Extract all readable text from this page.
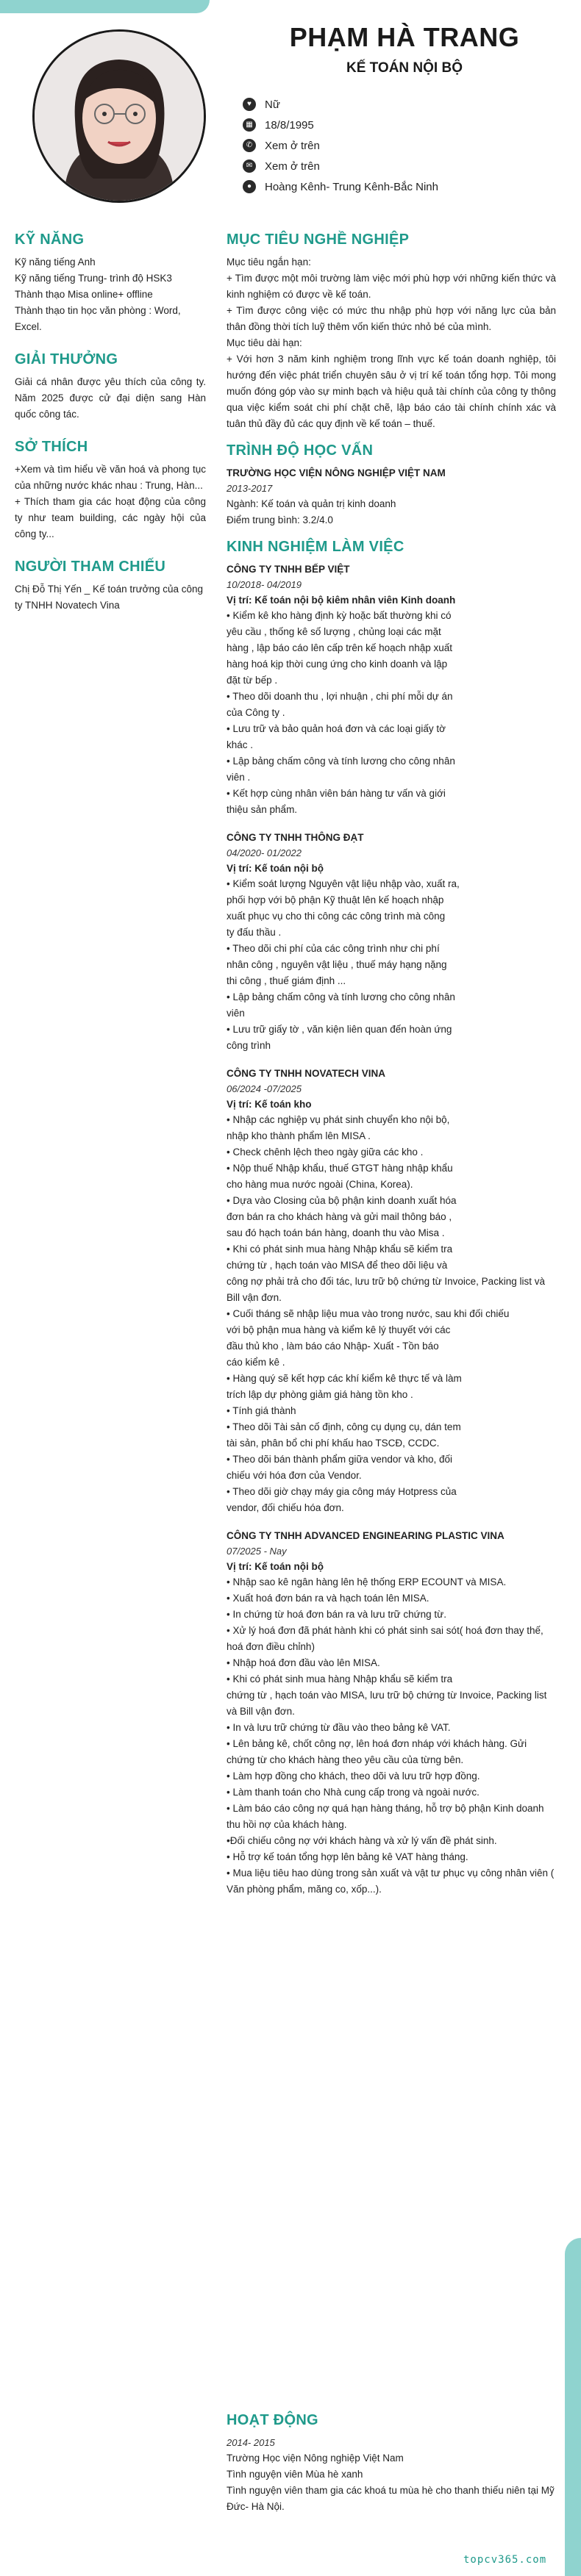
PHẠM HÀ TRANG
KẾ TOÁN NỘI BỘ
♥	Nữ
▦ 18/8/1995
✆	Xem ở trên
✉	Xem ở trên
●	Hoàng Kênh- Trung Kênh-Bắc Ninh
KỸ NĂNG
Kỹ năng tiếng Anh
Kỹ năng tiếng Trung- trình độ HSK3
Thành thạo Misa online+ offline
Thành thạo tin học văn phòng : Word, Excel.
GIẢI THƯỞNG
Giải cá nhân được yêu thích của công ty. Năm 2025 được cử đại diện sang Hàn quốc công tác.
SỞ THÍCH
+Xem và tìm hiểu về văn hoá và phong tục của những nước khác nhau : Trung, Hàn...
+ Thích tham gia các hoạt động của công ty như team building, các ngày hội của công ty...
NGƯỜI THAM CHIẾU
Chị Đỗ Thị Yến _ Kế toán trưởng của công ty TNHH Novatech Vina
MỤC TIÊU NGHỀ NGHIỆP
Mục tiêu ngắn hạn:
+ Tìm được một môi trường làm việc mới phù hợp với những kiến thức và kinh nghiệm có được về kế toán.
+ Tìm được công việc có mức thu nhập phù hợp với năng lực của bản thân đồng thời tích luỹ thêm vốn kiến thức nhỏ bé của mình.
Mục tiêu dài hạn:
+ Với hơn 3 năm kinh nghiệm trong lĩnh vực kế toán doanh nghiệp, tôi hướng đến việc phát triển chuyên sâu ở vị trí kế toán tổng hợp. Tôi mong muốn đóng góp vào sự minh bạch và hiệu quả tài chính của công ty thông qua việc kiểm soát chi phí chặt chẽ, lập báo cáo tài chính chính xác và tuân thủ đầy đủ các quy định về kế toán – thuế.
TRÌNH ĐỘ HỌC VẤN
TRƯỜNG HỌC VIỆN NÔNG NGHIỆP VIỆT NAM
2013-2017
Ngành: Kế toán và quản trị kinh doanh
Điểm trung bình: 3.2/4.0
KINH NGHIỆM LÀM VIỆC
CÔNG TY TNHH BẾP VIỆT
10/2018- 04/2019
Vị trí: Kế toán nội bộ kiêm nhân viên Kinh doanh
• Kiểm kê kho hàng định kỳ hoặc bất thường khi có
yêu cầu , thống kê số lượng , chủng loại các mặt
hàng , lập báo cáo lên cấp trên kế hoạch nhập xuất
hàng hoá kịp thời cung ứng cho kinh doanh và lập
đặt từ bếp .
• Theo dõi doanh thu , lợi nhuận , chi phí mỗi dự án
của Công ty .
• Lưu trữ và bảo quản hoá đơn và các loại giấy tờ
khác .
• Lập bảng chấm công và tính lương cho công nhân
viên .
• Kết hợp cùng nhân viên bán hàng tư vấn và giới
thiệu sản phẩm.
CÔNG TY TNHH THÔNG ĐẠT
04/2020- 01/2022
Vị trí: Kế toán nội bộ
• Kiểm soát lượng Nguyên vật liệu nhập vào, xuất ra,
phối hợp với bộ phận Kỹ thuật lên kế hoạch nhập
xuất phục vụ cho thi công các công trình mà công
ty đấu thầu .
• Theo dõi chi phí của các công trình như chi phí
nhân công , nguyên vật liệu , thuế máy hạng nặng
thi công , thuế giám định ...
• Lập bảng chấm công và tính lương cho công nhân
viên
• Lưu trữ giấy tờ , văn kiện liên quan đến hoàn ứng
công trình
CÔNG TY TNHH NOVATECH VINA
06/2024 -07/2025
Vị trí: Kế toán kho
• Nhập các nghiệp vụ phát sinh chuyển kho nội bộ,
nhập kho thành phẩm lên MISA .
• Check chênh lệch theo ngày giữa các kho .
• Nộp thuế Nhập khẩu, thuế GTGT hàng nhập khẩu
cho hàng mua nước ngoài (China, Korea).
• Dựa vào Closing của bộ phận kinh doanh xuất hóa
đơn bán ra cho khách hàng và gửi mail thông báo ,
sau đó hạch toán bán hàng, doanh thu vào Misa .
• Khi có phát sinh mua hàng Nhập khẩu sẽ kiểm tra
chứng từ , hạch toán vào MISA để theo dõi liệu và
công nợ phải trả cho đối tác, lưu trữ bộ chứng từ Invoice, Packing list và
Bill vận đơn.
• Cuối tháng sẽ nhập liệu mua vào trong nước, sau khi đối chiếu
với bộ phận mua hàng và kiểm kê lý thuyết với các
đầu thủ kho , làm báo cáo Nhập- Xuất - Tồn báo
cáo kiểm kê .
• Hàng quý sẽ kết hợp các khí kiểm kê thực tế và làm
trích lập dự phòng giảm giá hàng tồn kho .
• Tính giá thành
• Theo dõi Tài sản cố định, công cụ dụng cụ, dán tem
tài sản, phân bổ chi phí khấu hao TSCĐ, CCDC.
• Theo dõi bán thành phẩm giữa vendor và kho, đối
chiếu với hóa đơn của Vendor.
• Theo dõi giờ chạy máy gia công máy Hotpress của
vendor, đối chiếu hóa đơn.
CÔNG TY TNHH ADVANCED ENGINEARING PLASTIC VINA
07/2025 - Nay
Vị trí: Kế toán nội bộ
• Nhập sao kê ngân hàng lên hệ thống ERP ECOUNT và MISA.
• Xuất hoá đơn bán ra và hạch toán lên MISA.
• In chứng từ hoá đơn bán ra và lưu trữ chứng từ.
• Xử lý hoá đơn đã phát hành khi có phát sinh sai sót( hoá đơn thay thế, hoá đơn điều chỉnh)
• Nhập hoá đơn đầu vào lên MISA.
• Khi có phát sinh mua hàng Nhập khẩu sẽ kiểm tra
chứng từ , hạch toán vào MISA, lưu trữ bộ chứng từ Invoice, Packing list và Bill vận đơn.
• In và lưu trữ chứng từ đầu vào theo bảng kê VAT.
• Lên bảng kê, chốt công nợ, lên hoá đơn nháp với khách hàng. Gửi chứng từ cho khách hàng theo yêu cầu của từng bên.
• Làm hợp đồng cho khách, theo dõi và lưu trữ hợp đồng.
• Làm thanh toán cho Nhà cung cấp trong và ngoài nước.
• Làm báo cáo công nợ quá hạn hàng tháng, hỗ trợ bộ phận Kinh doanh thu hồi nợ của khách hàng.
•Đối chiếu công nợ với khách hàng và xử lý vấn đề phát sinh.
• Hỗ trợ kế toán tổng hợp lên bảng kê VAT hàng tháng.
• Mua liệu tiêu hao dùng trong sản xuất và vật tư phục vụ công nhân viên ( Văn phòng phẩm, măng co, xốp...).
HOẠT ĐỘNG
2014- 2015
Trường Học viện Nông nghiệp Việt Nam
Tình nguyện viên Mùa hè xanh
Tình nguyện viên tham gia các khoá tu mùa hè cho thanh thiếu niên tại Mỹ Đức- Hà Nội.
topcv365.com
